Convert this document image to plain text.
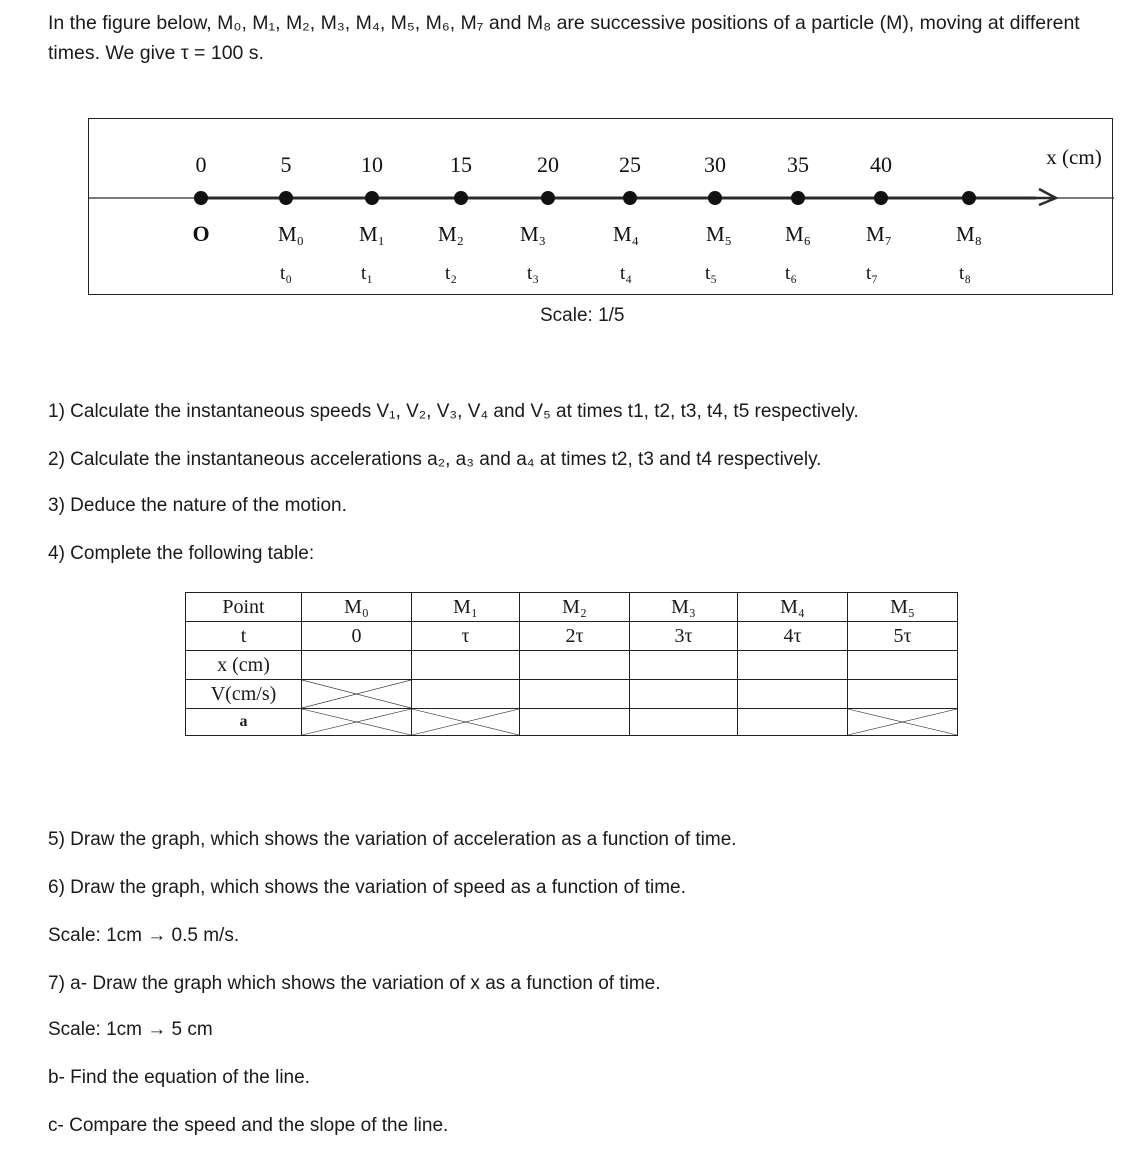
In the figure below, M₀, M₁, M₂, M₃, M₄, M₅, M₆, M₇ and M₈ are successive positions of a particle (M), moving at different times. We give τ = 100 s.
0	5	10	15	20	25	30	35	40	x (cm)
O	M₀	M₁	M₂	M₃	M₄	M₅	M₆	M₇	M₈
t₀	t₁	t₂	t₃	t₄	t₅	t₆	t₇	t₈
Scale: 1/5
1) Calculate the instantaneous speeds V₁, V₂, V₃, V₄ and V₅ at times t1, t2, t3, t4, t5 respectively.
2) Calculate the instantaneous accelerations a₂, a₃ and a₄ at times t2, t3 and t4 respectively.
3) Deduce the nature of the motion.
4) Complete the following table:
Point	M₀	M₁	M₂	M₃	M₄	M₅
t	0	τ	2τ	3τ	4τ	5τ
x (cm)						
V(cm/s)	

a	

5) Draw the graph, which shows the variation of acceleration as a function of time.
6) Draw the graph, which shows the variation of speed as a function of time.
Scale: 1cm → 0.5 m/s.
7) a- Draw the graph which shows the variation of x as a function of time.
Scale: 1cm → 5 cm
b- Find the equation of the line.
c- Compare the speed and the slope of the line.
